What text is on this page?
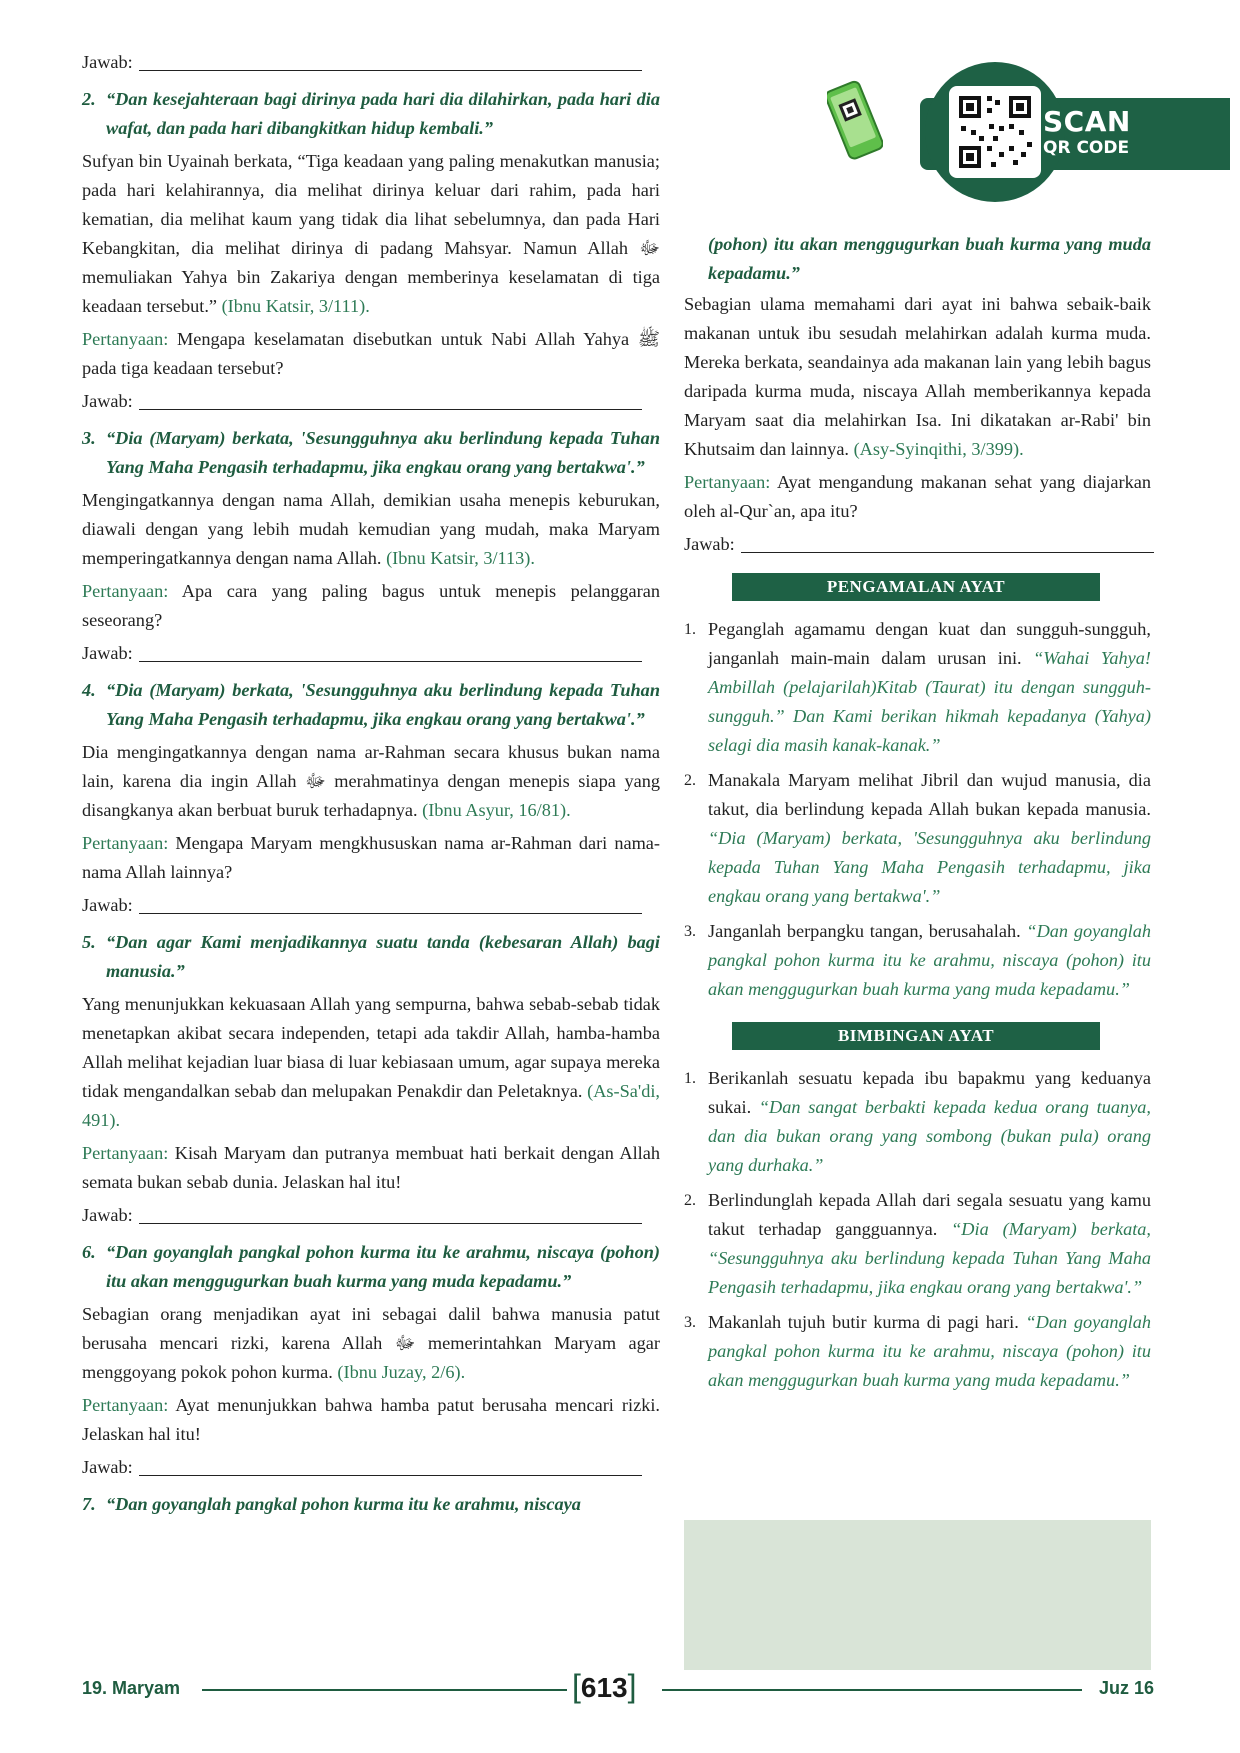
SCAN
QR CODE
Jawab:
2. “Dan kesejahteraan bagi dirinya pada hari dia dilahirkan, pada hari dia wafat, dan pada hari dibangkitkan hidup kembali.”

Sufyan bin Uyainah berkata, “Tiga keadaan yang paling menakutkan manusia; pada hari kelahirannya, dia melihat dirinya keluar dari rahim, pada hari kematian, dia melihat kaum yang tidak dia lihat sebelumnya, dan pada Hari Kebangkitan, dia melihat dirinya di padang Mahsyar. Namun Allah ﷻ memuliakan Yahya bin Zakariya dengan memberinya keselamatan di tiga keadaan tersebut.” (Ibnu Katsir, 3/111).

Pertanyaan: Mengapa keselamatan disebutkan untuk Nabi Allah Yahya ﷺ pada tiga keadaan tersebut?

Jawab:
3. “Dia (Maryam) berkata, 'Sesungguhnya aku berlindung kepada Tuhan Yang Maha Pengasih terhadapmu, jika engkau orang yang bertakwa'.”

Mengingatkannya dengan nama Allah, demikian usaha menepis keburukan, diawali dengan yang lebih mudah kemudian yang mudah, maka Maryam memperingatkannya dengan nama Allah. (Ibnu Katsir, 3/113).

Pertanyaan: Apa cara yang paling bagus untuk menepis pelanggaran seseorang?

Jawab:
4. “Dia (Maryam) berkata, 'Sesungguhnya aku berlindung kepada Tuhan Yang Maha Pengasih terhadapmu, jika engkau orang yang bertakwa'.”

Dia mengingatkannya dengan nama ar-Rahman secara khusus bukan nama lain, karena dia ingin Allah ﷻ merahmatinya dengan menepis siapa yang disangkanya akan berbuat buruk terhadapnya. (Ibnu Asyur, 16/81).

Pertanyaan: Mengapa Maryam mengkhususkan nama ar-Rahman dari nama-nama Allah lainnya?

Jawab:
5. “Dan agar Kami menjadikannya suatu tanda (kebesaran Allah) bagi manusia.”

Yang menunjukkan kekuasaan Allah yang sempurna, bahwa sebab-sebab tidak menetapkan akibat secara independen, tetapi ada takdir Allah, hamba-hamba Allah melihat kejadian luar biasa di luar kebiasaan umum, agar supaya mereka tidak mengandalkan sebab dan melupakan Penakdir dan Peletaknya. (As-Sa'di, 491).

Pertanyaan: Kisah Maryam dan putranya membuat hati berkait dengan Allah semata bukan sebab dunia. Jelaskan hal itu!

Jawab:
6. “Dan goyanglah pangkal pohon kurma itu ke arahmu, niscaya (pohon) itu akan menggugurkan buah kurma yang muda kepadamu.”

Sebagian orang menjadikan ayat ini sebagai dalil bahwa manusia patut berusaha mencari rizki, karena Allah ﷻ memerintahkan Maryam agar menggoyang pokok pohon kurma. (Ibnu Juzay, 2/6).

Pertanyaan: Ayat menunjukkan bahwa hamba patut berusaha mencari rizki. Jelaskan hal itu!

Jawab:
7. “Dan goyanglah pangkal pohon kurma itu ke arahmu, niscaya

(pohon) itu akan menggugurkan buah kurma yang muda kepadamu.”

Sebagian ulama memahami dari ayat ini bahwa sebaik-baik makanan untuk ibu sesudah melahirkan adalah kurma muda. Mereka berkata, seandainya ada makanan lain yang lebih bagus daripada kurma muda, niscaya Allah memberikannya kepada Maryam saat dia melahirkan Isa. Ini dikatakan ar-Rabi' bin Khutsaim dan lainnya. (Asy-Syinqithi, 3/399).

Pertanyaan: Ayat mengandung makanan sehat yang diajarkan oleh al-Qur`an, apa itu?

Jawab:
PENGAMALAN AYAT
1. Peganglah agamamu dengan kuat dan sungguh-sungguh, janganlah main-main dalam urusan ini. “Wahai Yahya! Ambillah (pelajarilah)Kitab (Taurat) itu dengan sungguh-sungguh.” Dan Kami berikan hikmah kepadanya (Yahya) selagi dia masih kanak-kanak.”
2. Manakala Maryam melihat Jibril dan wujud manusia, dia takut, dia berlindung kepada Allah bukan kepada manusia. “Dia (Maryam) berkata, 'Sesungguhnya aku berlindung kepada Tuhan Yang Maha Pengasih terhadapmu, jika engkau orang yang bertakwa'.”
3. Janganlah berpangku tangan, berusahalah. “Dan goyanglah pangkal pohon kurma itu ke arahmu, niscaya (pohon) itu akan menggugurkan buah kurma yang muda kepadamu.”
BIMBINGAN AYAT
1. Berikanlah sesuatu kepada ibu bapakmu yang keduanya sukai. “Dan sangat berbakti kepada kedua orang tuanya, dan dia bukan orang yang sombong (bukan pula) orang yang durhaka.”
2. Berlindunglah kepada Allah dari segala sesuatu yang kamu takut terhadap gangguannya. “Dia (Maryam) berkata, “Sesungguhnya aku berlindung kepada Tuhan Yang Maha Pengasih terhadapmu, jika engkau orang yang bertakwa'.”
3. Makanlah tujuh butir kurma di pagi hari. “Dan goyanglah pangkal pohon kurma itu ke arahmu, niscaya (pohon) itu akan menggugurkan buah kurma yang muda kepadamu.”
19. Maryam	[613]	Juz 16
